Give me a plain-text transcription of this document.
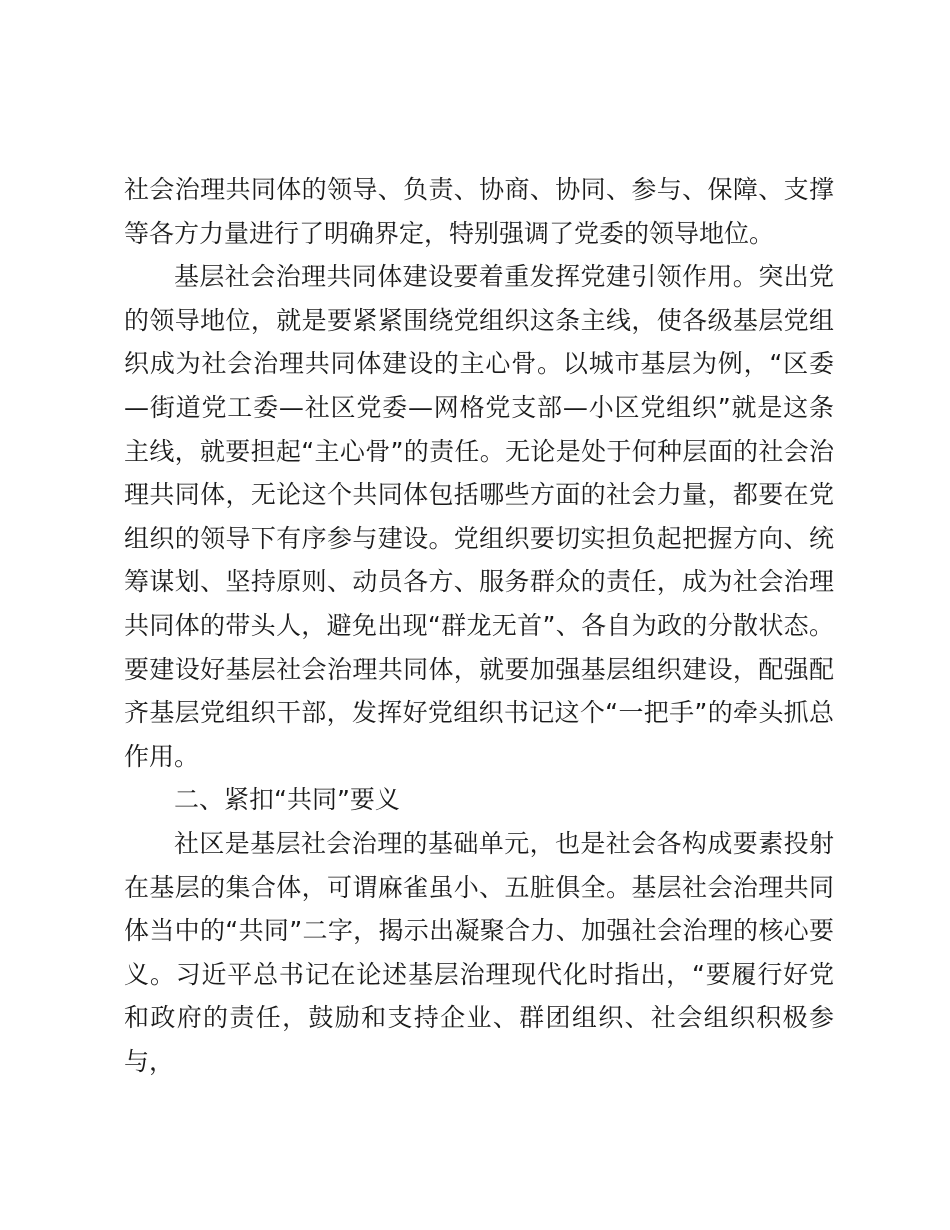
社会治理共同体的领导、负责、协商、协同、参与、保障、支撑等各方力量进行了明确界定，特别强调了党委的领导地位。

基层社会治理共同体建设要着重发挥党建引领作用。突出党的领导地位，就是要紧紧围绕党组织这条主线，使各级基层党组织成为社会治理共同体建设的主心骨。以城市基层为例，“区委—街道党工委—社区党委—网格党支部—小区党组织”就是这条主线，就要担起“主心骨”的责任。无论是处于何种层面的社会治理共同体，无论这个共同体包括哪些方面的社会力量，都要在党组织的领导下有序参与建设。党组织要切实担负起把握方向、统筹谋划、坚持原则、动员各方、服务群众的责任，成为社会治理共同体的带头人，避免出现“群龙无首”、各自为政的分散状态。要建设好基层社会治理共同体，就要加强基层组织建设，配强配齐基层党组织干部，发挥好党组织书记这个“一把手”的牵头抓总作用。

二、紧扣“共同”要义

社区是基层社会治理的基础单元，也是社会各构成要素投射在基层的集合体，可谓麻雀虽小、五脏俱全。基层社会治理共同体当中的“共同”二字，揭示出凝聚合力、加强社会治理的核心要义。习近平总书记在论述基层治理现代化时指出，“要履行好党和政府的责任，鼓励和支持企业、群团组织、社会组织积极参与，
